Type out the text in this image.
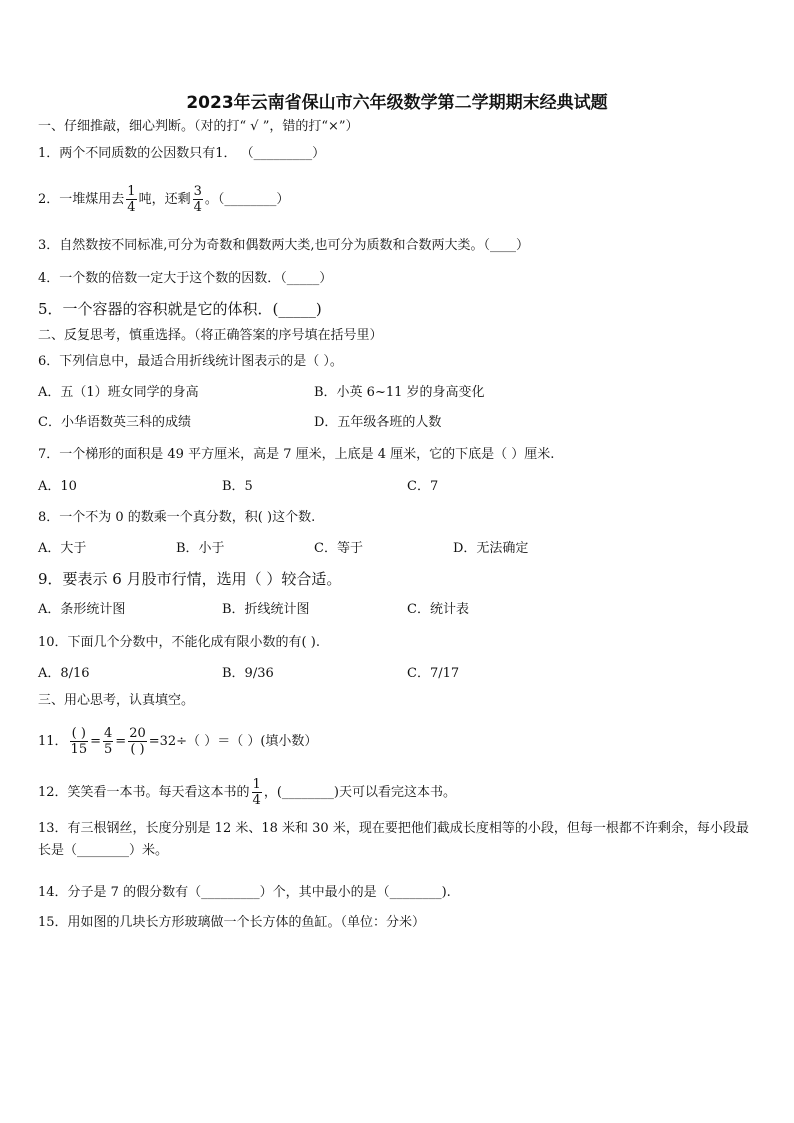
2023年云南省保山市六年级数学第二学期期末经典试题
一、仔细推敲，细心判断。（对的打“ √ ”，错的打“×”）
1．两个不同质数的公因数只有1． （_________）
2．一堆煤用去 $\frac{1}{4}$ 吨，还剩 $\frac{3}{4}$ 。（________）
3．自然数按不同标准,可分为奇数和偶数两大类,也可分为质数和合数两大类。（____）
4．一个数的倍数一定大于这个数的因数．（_____）
5．一个容器的容积就是它的体积．(_____)
二、反复思考，慎重选择。（将正确答案的序号填在括号里）
6．下列信息中，最适合用折线统计图表示的是（ ）。
A．五（1）班女同学的身高	B．小英 6~11 岁的身高变化
C．小华语数英三科的成绩	D．五年级各班的人数
7．一个梯形的面积是 49 平方厘米，高是 7 厘米，上底是 4 厘米，它的下底是（ ）厘米.
A．10	B．5	C．7
8．一个不为 0 的数乘一个真分数，积( )这个数.
A．大于	B．小于	C．等于	D．无法确定
9．要表示 6 月股市行情，选用（ ）较合适。
A．条形统计图	B．折线统计图	C．统计表
10．下面几个分数中，不能化成有限小数的有( ).
A．8/16	B．9/36	C．7/17
三、用心思考，认真填空。
11． $\frac{( )}{15} = \frac{4}{5} = \frac{20}{( )} =32\div$（ ）＝（ ）(填小数）
12．笑笑看一本书。每天看这本书的 $\frac{1}{4}$ ，(________)天可以看完这本书。
13．有三根钢丝，长度分别是 12 米、18 米和 30 米，现在要把他们截成长度相等的小段，但每一根都不许剩余，每小段最长是（________）米。
14．分子是 7 的假分数有（_________）个，其中最小的是（________).
15．用如图的几块长方形玻璃做一个长方体的鱼缸。（单位：分米）
